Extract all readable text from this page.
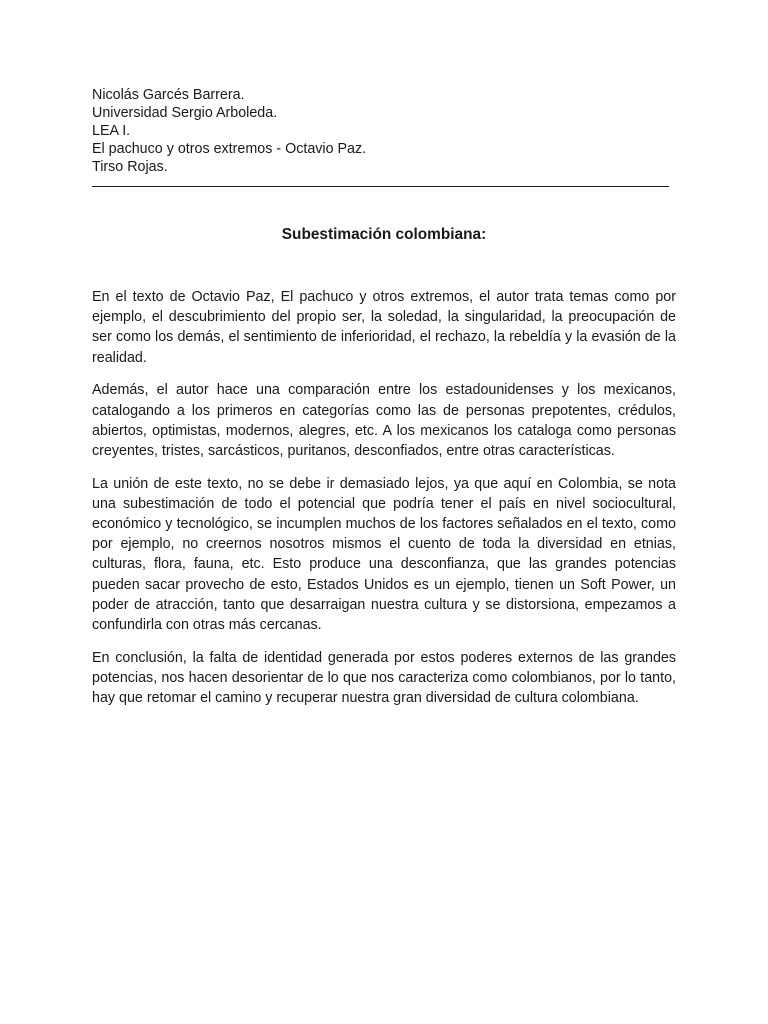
Nicolás Garcés Barrera.
Universidad Sergio Arboleda.
LEA I.
El pachuco y otros extremos - Octavio Paz.
Tirso Rojas.
Subestimación colombiana:

En el texto de Octavio Paz, El pachuco y otros extremos, el autor trata temas como por ejemplo, el descubrimiento del propio ser, la soledad, la singularidad, la preocupación de ser como los demás, el sentimiento de inferioridad, el rechazo, la rebeldía y la evasión de la realidad.

Además, el autor hace una comparación entre los estadounidenses y los mexicanos, catalogando a los primeros en categorías como las de personas prepotentes, crédulos, abiertos, optimistas, modernos, alegres, etc. A los mexicanos los cataloga como personas creyentes, tristes, sarcásticos, puritanos, desconfiados, entre otras características.

La unión de este texto, no se debe ir demasiado lejos, ya que aquí en Colombia, se nota una subestimación de todo el potencial que podría tener el país en nivel sociocultural, económico y tecnológico, se incumplen muchos de los factores señalados en el texto, como por ejemplo, no creernos nosotros mismos el cuento de toda la diversidad en etnias, culturas, flora, fauna, etc. Esto produce una desconfianza, que las grandes potencias pueden sacar provecho de esto, Estados Unidos es un ejemplo, tienen un Soft Power, un poder de atracción, tanto que desarraigan nuestra cultura y se distorsiona, empezamos a confundirla con otras más cercanas.

En conclusión, la falta de identidad generada por estos poderes externos de las grandes potencias, nos hacen desorientar de lo que nos caracteriza como colombianos, por lo tanto, hay que retomar el camino y recuperar nuestra gran diversidad de cultura colombiana.
